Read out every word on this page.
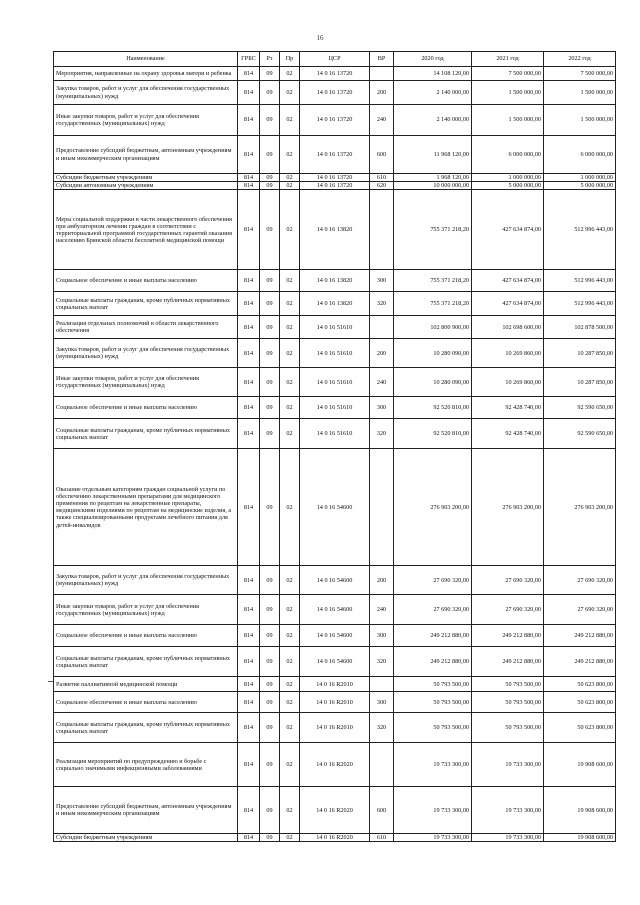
16
Наименование	ГРБС	Рз	Пр	ЦСР	ВР	2020 год	2021 год	2022 год
Мероприятия, направленные на охрану здоровья матери и ребенка	814	09	02	14 0 16 13720		14 108 120,00	7 500 000,00	7 500 000,00
Закупка товаров, работ и услуг для обеспечения государственных (муниципальных) нужд	814	09	02	14 0 16 13720	200	2 140 000,00	1 500 000,00	1 500 000,00
Иные закупки товаров, работ и услуг для обеспечения государственных (муниципальных) нужд	814	09	02	14 0 16 13720	240	2 140 000,00	1 500 000,00	1 500 000,00
Предоставление субсидий бюджетным, автономным учреждениям и иным некоммерческим организациям	814	09	02	14 0 16 13720	600	11 968 120,00	6 000 000,00	6 000 000,00
Субсидии бюджетным учреждениям	814	09	02	14 0 16 13720	610	1 968 120,00	1 000 000,00	1 000 000,00
Субсидии автономным учреждениям	814	09	02	14 0 16 13720	620	10 000 000,00	5 000 000,00	5 000 000,00
Меры социальной поддержки в части лекарственного обеспечения при амбулаторном лечении граждан в соответствии с территориальной программой государственных гарантий оказания населению Брянской области бесплатной медицинской помощи	814	09	02	14 0 16 13820		755 371 218,20	427 634 874,00	512 996 443,00
Социальное обеспечение и иные выплаты населению	814	09	02	14 0 16 13820	300	755 371 218,20	427 634 874,00	512 996 443,00
Социальные выплаты гражданам, кроме публичных нормативных социальных выплат	814	09	02	14 0 16 13820	320	755 371 218,20	427 634 874,00	512 996 443,00
Реализация отдельных полномочий в области лекарственного обеспечения	814	09	02	14 0 16 51610		102 800 900,00	102 698 600,00	102 878 500,00
Закупка товаров, работ и услуг для обеспечения государственных (муниципальных) нужд	814	09	02	14 0 16 51610	200	10 280 090,00	10 269 860,00	10 287 850,00
Иные закупки товаров, работ и услуг для обеспечения государственных (муниципальных) нужд	814	09	02	14 0 16 51610	240	10 280 090,00	10 269 860,00	10 287 850,00
Социальное обеспечение и иные выплаты населению	814	09	02	14 0 16 51610	300	92 520 810,00	92 428 740,00	92 590 650,00
Социальные выплаты гражданам, кроме публичных нормативных социальных выплат	814	09	02	14 0 16 51610	320	92 520 810,00	92 428 740,00	92 590 650,00
Оказание отдельным категориям граждан социальной услуги по обеспечению лекарственными препаратами для медицинского применения по рецептам на лекарственные препараты, медицинскими изделиями по рецептам на медицинские изделия, а также специализированными продуктами лечебного питания для детей-инвалидов	814	09	02	14 0 16 54600		276 903 200,00	276 903 200,00	276 903 200,00
Закупка товаров, работ и услуг для обеспечения государственных (муниципальных) нужд	814	09	02	14 0 16 54600	200	27 690 320,00	27 690 320,00	27 690 320,00
Иные закупки товаров, работ и услуг для обеспечения государственных (муниципальных) нужд	814	09	02	14 0 16 54600	240	27 690 320,00	27 690 320,00	27 690 320,00
Социальное обеспечение и иные выплаты населению	814	09	02	14 0 16 54600	300	249 212 880,00	249 212 880,00	249 212 880,00
Социальные выплаты гражданам, кроме публичных нормативных социальных выплат	814	09	02	14 0 16 54600	320	249 212 880,00	249 212 880,00	249 212 880,00
Развитие паллиативной медицинской помощи	814	09	02	14 0 16 R2010		50 793 500,00	50 793 500,00	50 623 800,00
Социальное обеспечение и иные выплаты населению	814	09	02	14 0 16 R2010	300	50 793 500,00	50 793 500,00	50 623 800,00
Социальные выплаты гражданам, кроме публичных нормативных социальных выплат	814	09	02	14 0 16 R2010	320	50 793 500,00	50 793 500,00	50 623 800,00
Реализация мероприятий по предупреждению и борьбе с социально значимыми инфекционными заболеваниями	814	09	02	14 0 16 R2020		19 733 300,00	19 733 300,00	19 908 600,00
Предоставление субсидий бюджетным, автономным учреждениям и иным некоммерческим организациям	814	09	02	14 0 16 R2020	600	19 733 300,00	19 733 300,00	19 908 600,00
Субсидии бюджетным учреждениям	814	09	02	14 0 16 R2020	610	19 733 300,00	19 733 300,00	19 908 600,00
